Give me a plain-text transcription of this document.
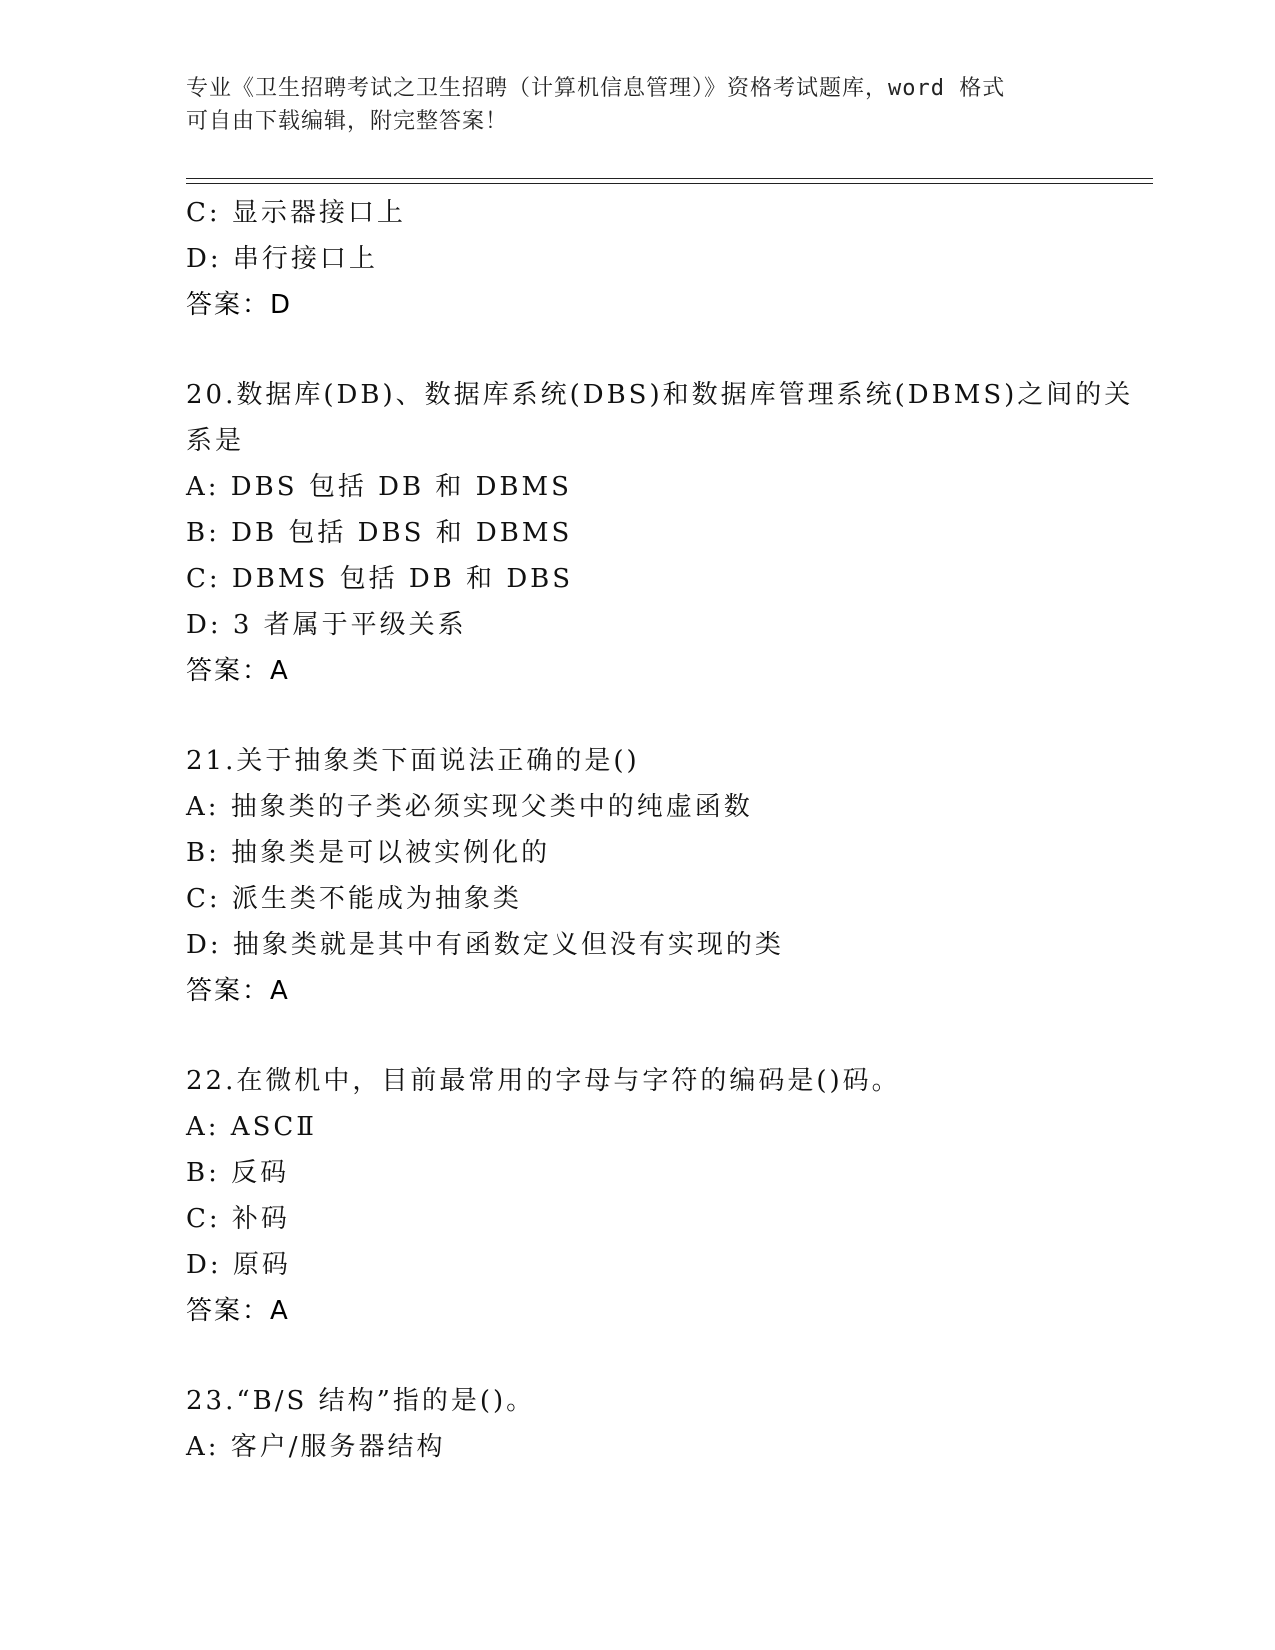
专业《卫生招聘考试之卫生招聘（计算机信息管理）》资格考试题库，word 格式
可自由下载编辑，附完整答案！
C: 显示器接口上
D: 串行接口上
答案：D
20.数据库(DB)、数据库系统(DBS)和数据库管理系统(DBMS)之间的关
系是
A: DBS 包括 DB 和 DBMS
B: DB 包括 DBS 和 DBMS
C: DBMS 包括 DB 和 DBS
D: 3 者属于平级关系
答案：A
21.关于抽象类下面说法正确的是()
A: 抽象类的子类必须实现父类中的纯虚函数
B: 抽象类是可以被实例化的
C: 派生类不能成为抽象类
D: 抽象类就是其中有函数定义但没有实现的类
答案：A
22.在微机中，目前最常用的字母与字符的编码是()码。
A: ASCⅡ
B: 反码
C: 补码
D: 原码
答案：A
23.“B/S 结构”指的是()。
A: 客户/服务器结构
